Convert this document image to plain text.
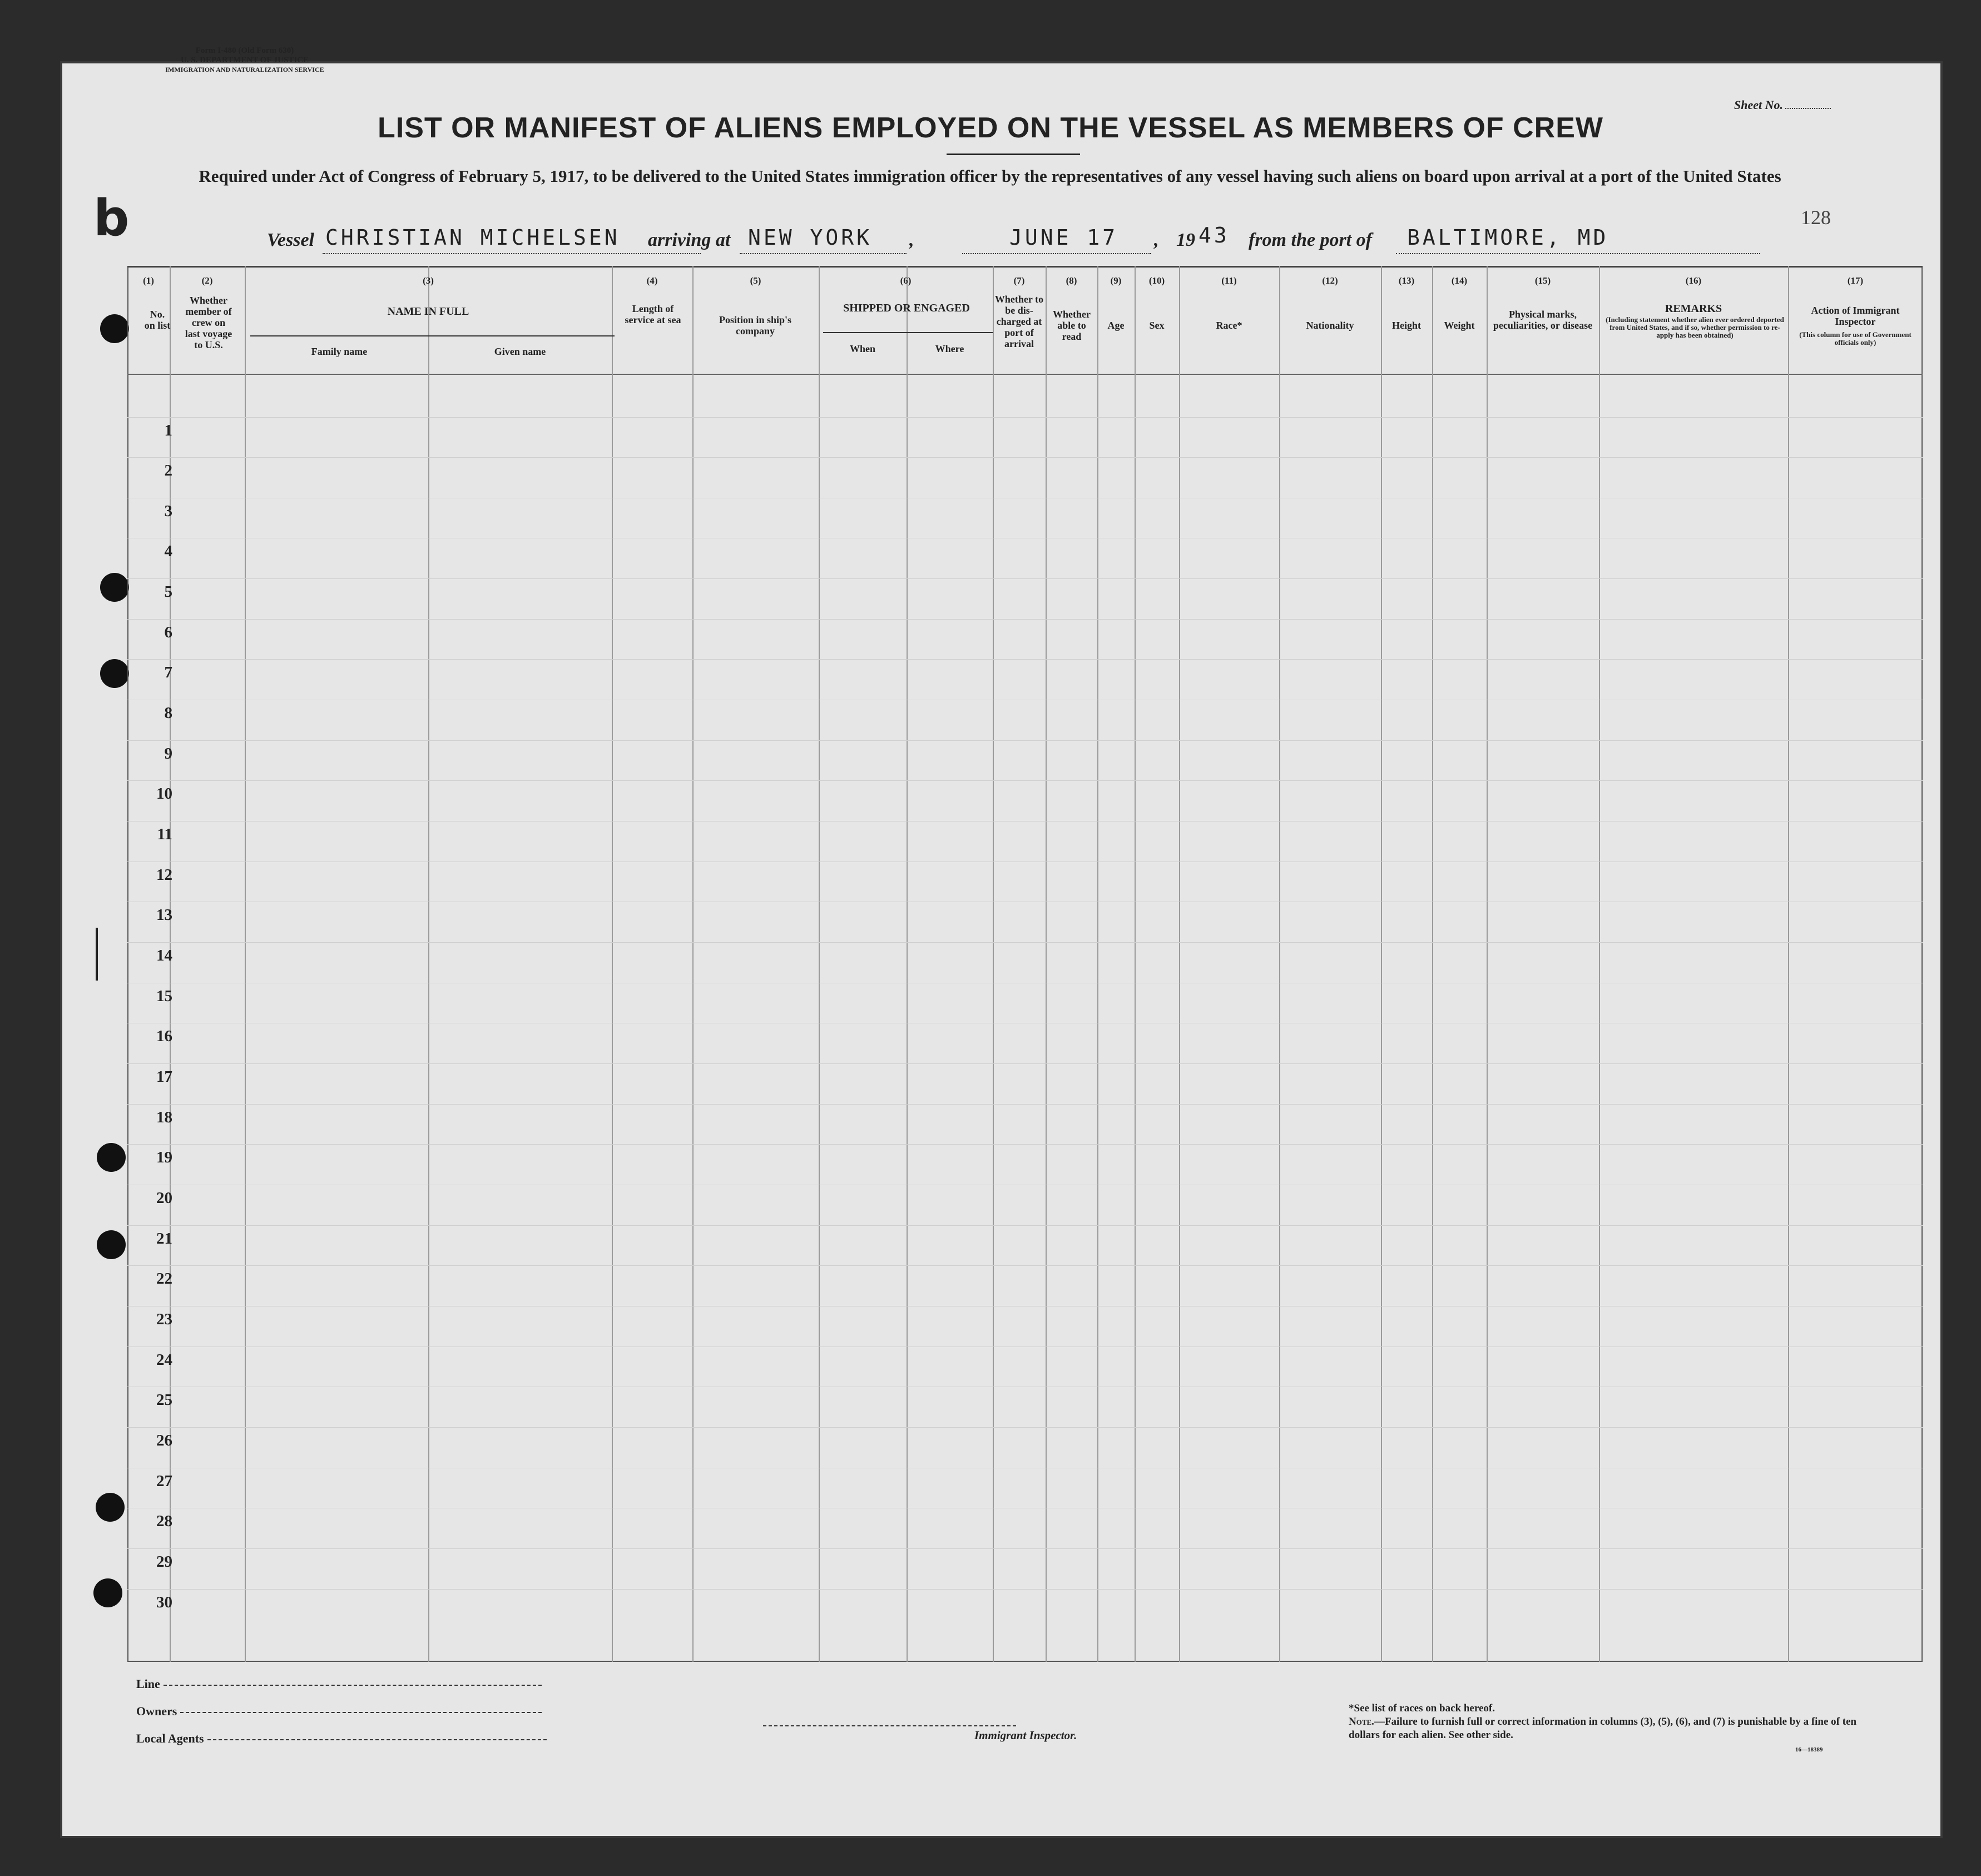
b
Form I-480 (Old Form 630)
U. S. DEPARTMENT OF JUSTICE
IMMIGRATION AND NATURALIZATION SERVICE
Sheet No.
128
LIST OR MANIFEST OF ALIENS EMPLOYED ON THE VESSEL AS MEMBERS OF CREW
Required under Act of Congress of February 5, 1917, to be delivered to the United States immigration officer by the representatives of any vessel having such aliens on board upon arrival at a port of the United States
Vessel CHRISTIAN MICHELSEN arriving at NEW YORK ,	JUNE 17 , 19 43 from the port of BALTIMORE, MD
(1)	(2)	(3)	(4)	(5)	(6)	(7)	(8)	(9)	(10)	(11)	(12)	(13)	(14)	(15)	(16)	(17)
No. on list
Whether member of crew on last voyage to U.S.
NAME IN FULL
Family name	Given name
Length of service at sea	Position in ship's company
SHIPPED OR ENGAGED
When	Where
Whether to be dis-charged at port of arrival
Whether able to read
Age	Sex	Race*	Nationality	Height	Weight
Physical marks, peculiarities, or disease
REMARKS
(Including statement whether alien ever ordered deported from United States, and if so, whether permission to re-apply has been obtained)
Action of Immigrant Inspector
(This column for use of Government officials only)
1
2
3
4
5
6
7
8
9
10
11
12
13
14
15
16
17
18
19
20
21
22
23
24
25
26
27
28
29
30
Line
Owners
Local Agents	Immigrant Inspector.
*See list of races on back hereof.
Note.—Failure to furnish full or correct information in columns (3), (5), (6), and (7) is punishable by a fine of ten dollars for each alien. See other side.
16—18389
